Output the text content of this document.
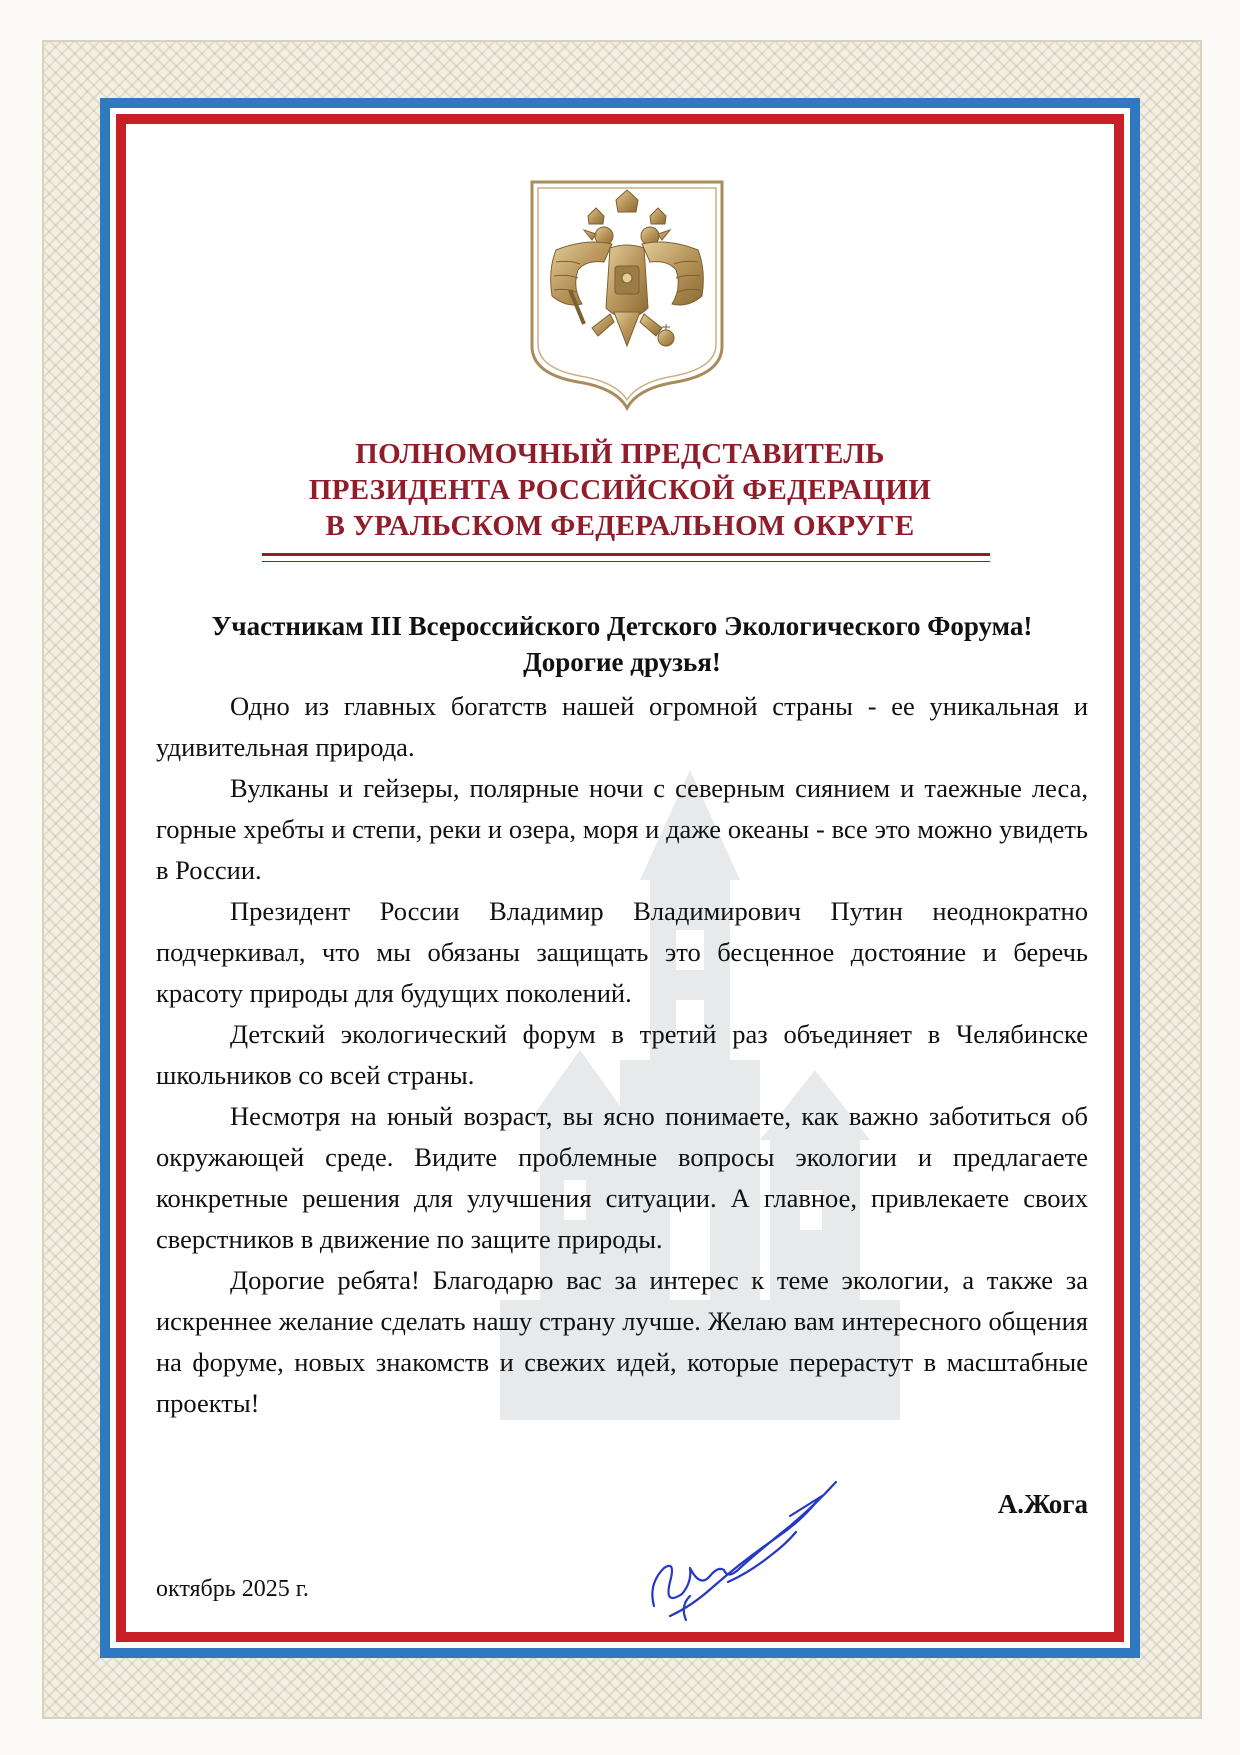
ПОЛНОМОЧНЫЙ ПРЕДСТАВИТЕЛЬ
ПРЕЗИДЕНТА РОССИЙСКОЙ ФЕДЕРАЦИИ
В УРАЛЬСКОМ ФЕДЕРАЛЬНОМ ОКРУГЕ

Участникам III Всероссийского Детского Экологического Форума!

Дорогие друзья!

Одно из главных богатств нашей огромной страны - ее уникальная и удивительная природа.

Вулканы и гейзеры, полярные ночи с северным сиянием и таежные леса, горные хребты и степи, реки и озера, моря и даже океаны - все это можно увидеть в России.

Президент России Владимир Владимирович Путин неоднократно подчеркивал, что мы обязаны защищать это бесценное достояние и беречь красоту природы для будущих поколений.

Детский экологический форум в третий раз объединяет в Челябинске школьников со всей страны.

Несмотря на юный возраст, вы ясно понимаете, как важно заботиться об окружающей среде. Видите проблемные вопросы экологии и предлагаете конкретные решения для улучшения ситуации. А главное, привлекаете своих сверстников в движение по защите природы.

Дорогие ребята! Благодарю вас за интерес к теме экологии, а также за искреннее желание сделать нашу страну лучше. Желаю вам интересного общения на форуме, новых знакомств и свежих идей, которые перерастут в масштабные проекты!

А.Жога
октябрь 2025 г.
